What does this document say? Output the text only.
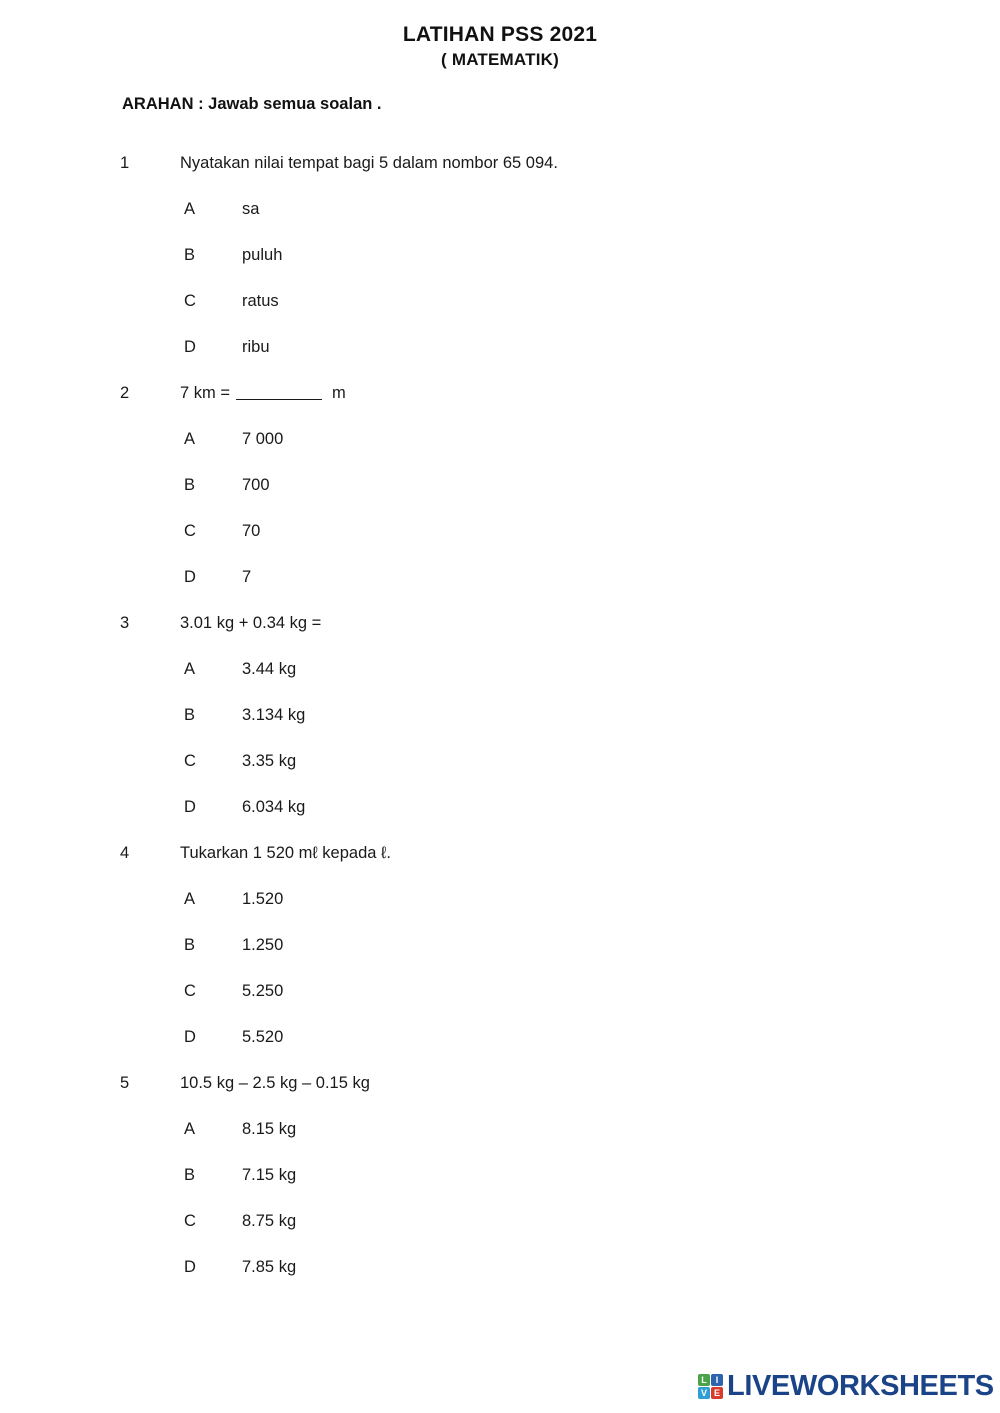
LATIHAN PSS 2021
( MATEMATIK)
ARAHAN : Jawab semua soalan .
1	Nyatakan nilai tempat bagi 5 dalam nombor 65 094.
A	sa
B	puluh
C	ratus
D	ribu
2	7 km =	m
A	7 000
B	700
C	70
D	7
3	3.01 kg + 0.34 kg =
A	3.44 kg
B	3.134 kg
C	3.35 kg
D	6.034 kg
4	Tukarkan 1 520 mℓ kepada ℓ.
A	1.520
B	1.250
C	5.250
D	5.520
5	10.5 kg – 2.5 kg – 0.15 kg
A	8.15 kg
B	7.15 kg
C	8.75 kg
D	7.85 kg
L I
V E LIVEWORKSHEETS
